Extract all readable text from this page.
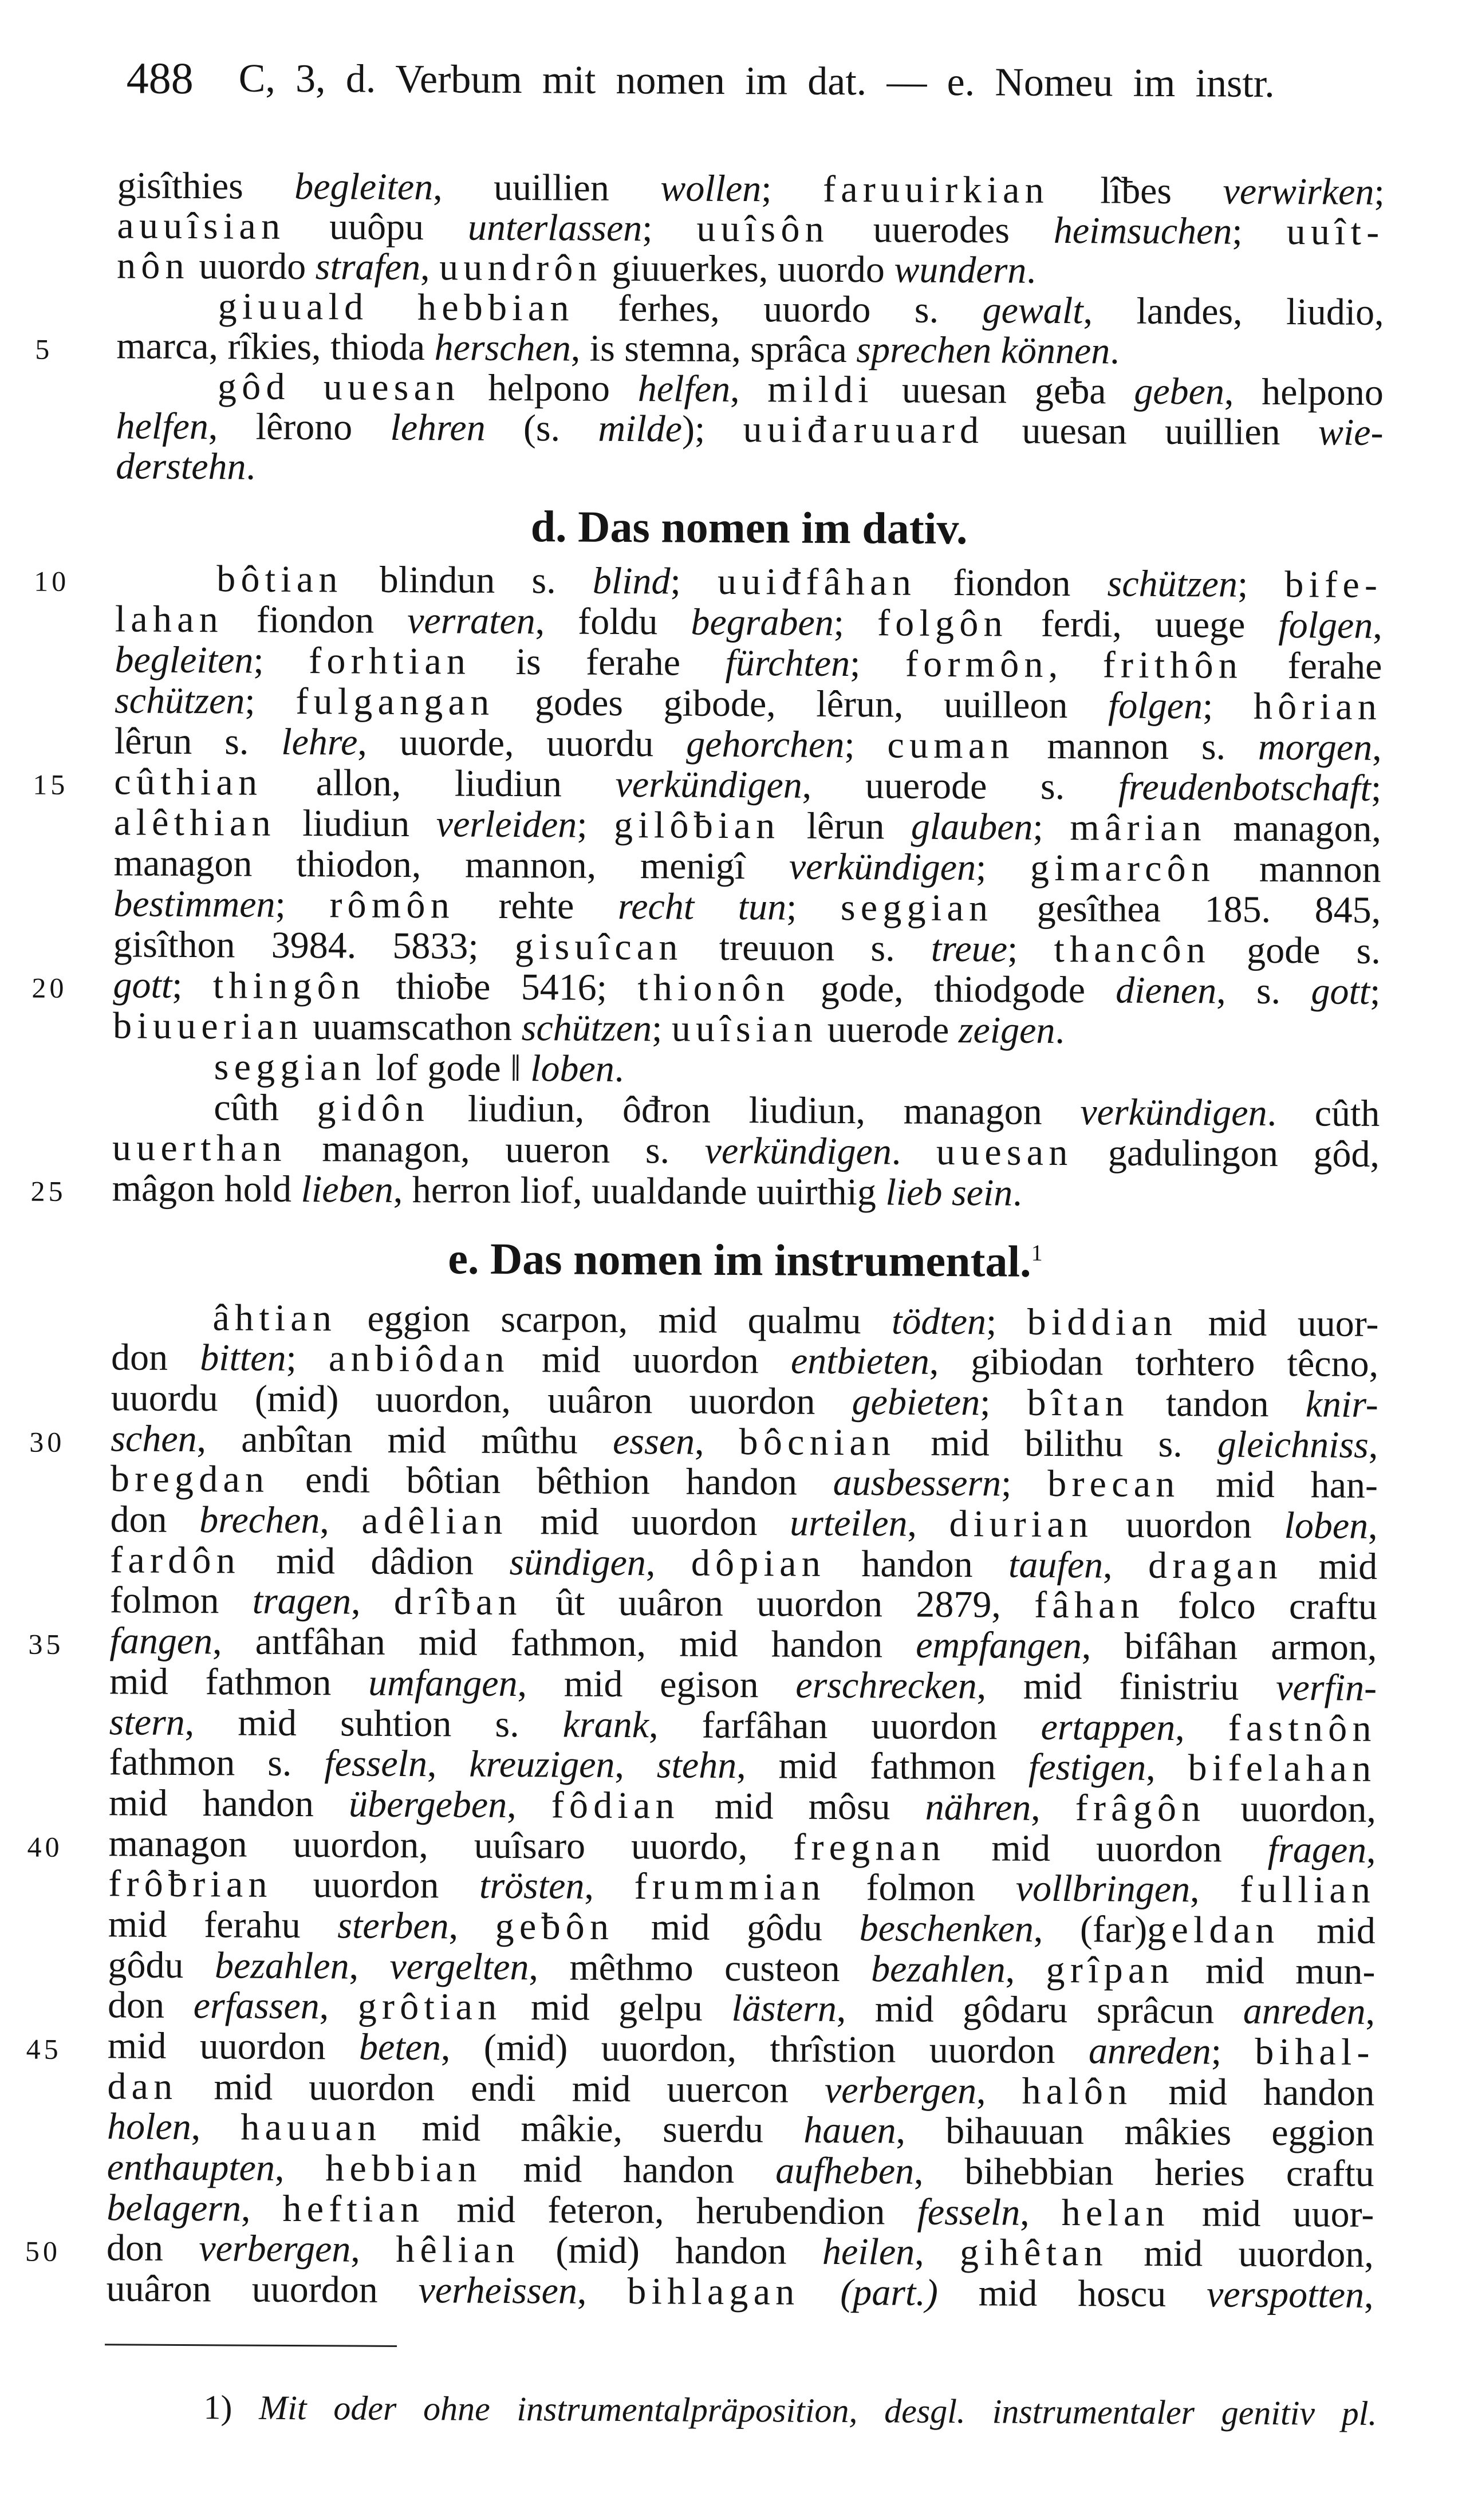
488 C, 3, d. Verbum mit nomen im dat. — e. Nomeu im instr.
gisîthies begleiten, uuillien wollen; faruuirkian lîƀes verwirken;
auuîsian uuôpu unterlassen; uuîsôn uuerodes heimsuchen; uuît-
nôn uuordo strafen, uundrôn giuuerkes, uuordo wundern.
giuuald hebbian ferhes, uuordo s. gewalt, landes, liudio,
5	marca, rîkies, thioda herschen, is stemna, sprâca sprechen können.
gôd uuesan helpono helfen, mildi uuesan geƀa geben, helpono
helfen, lêrono lehren (s. milde); uuiđaruuard uuesan uuillien wie-
derstehn.
d. Das nomen im dativ.
10	bôtian blindun s. blind; uuiđfâhan fiondon schützen; bife-
lahan fiondon verraten, foldu begraben; folgôn ferdi, uuege folgen,
begleiten; forhtian is ferahe fürchten; formôn, frithôn ferahe
schützen; fulgangan godes gibode, lêrun, uuilleon folgen; hôrian
lêrun s. lehre, uuorde, uuordu gehorchen; cuman mannon s. morgen,
15	cûthian allon, liudiun verkündigen, uuerode s. freudenbotschaft;
alêthian liudiun verleiden; gilôƀian lêrun glauben; mârian managon,
managon thiodon, mannon, menigî verkündigen; gimarcôn mannon
bestimmen; rômôn rehte recht tun; seggian gesîthea 185. 845,
gisîthon 3984. 5833; gisuîcan treuuon s. treue; thancôn gode s.
20	gott; thingôn thioƀe 5416; thionôn gode, thiodgode dienen, s. gott;
biuuerian uuamscathon schützen; uuîsian uuerode zeigen.
seggian lof gode ‖ loben.
cûth gidôn liudiun, ôđron liudiun, managon verkündigen. cûth
uuerthan managon, uueron s. verkündigen. uuesan gadulingon gôd,
25	mâgon hold lieben, herron liof, uualdande uuirthig lieb sein.
e. Das nomen im instrumental.$^1$
âhtian eggion scarpon, mid qualmu tödten; biddian mid uuor-
don bitten; anbiôdan mid uuordon entbieten, gibiodan torhtero têcno,
uuordu (mid) uuordon, uuâron uuordon gebieten; bîtan tandon knir-
30	schen, anbîtan mid mûthu essen, bôcnian mid bilithu s. gleichniss,
bregdan endi bôtian bêthion handon ausbessern; brecan mid han-
don brechen, adêlian mid uuordon urteilen, diurian uuordon loben,
fardôn mid dâdion sündigen, dôpian handon taufen, dragan mid
folmon tragen, drîƀan ût uuâron uuordon 2879, fâhan folco craftu
35	fangen, antfâhan mid fathmon, mid handon empfangen, bifâhan armon,
mid fathmon umfangen, mid egison erschrecken, mid finistriu verfin-
stern, mid suhtion s. krank, farfâhan uuordon ertappen, fastnôn
fathmon s. fesseln, kreuzigen, stehn, mid fathmon festigen, bifelahan
mid handon übergeben, fôdian mid môsu nähren, frâgôn uuordon,
40	managon uuordon, uuîsaro uuordo, fregnan mid uuordon fragen,
frôƀrian uuordon trösten, frummian folmon vollbringen, fullian
mid ferahu sterben, geƀôn mid gôdu beschenken, (far)geldan mid
gôdu bezahlen, vergelten, mêthmo custeon bezahlen, grîpan mid mun-
don erfassen, grôtian mid gelpu lästern, mid gôdaru sprâcun anreden,
45	mid uuordon beten, (mid) uuordon, thrîstion uuordon anreden; bihal-
dan mid uuordon endi mid uuercon verbergen, halôn mid handon
holen, hauuan mid mâkie, suerdu hauen, bihauuan mâkies eggion
enthaupten, hebbian mid handon aufheben, bihebbian heries craftu
belagern, heftian mid feteron, herubendion fesseln, helan mid uuor-
50	don verbergen, hêlian (mid) handon heilen, gihêtan mid uuordon,
uuâron uuordon verheissen, bihlagan (part.) mid hoscu verspotten,
1) Mit oder ohne instrumentalpräposition, desgl. instrumentaler genitiv pl.
